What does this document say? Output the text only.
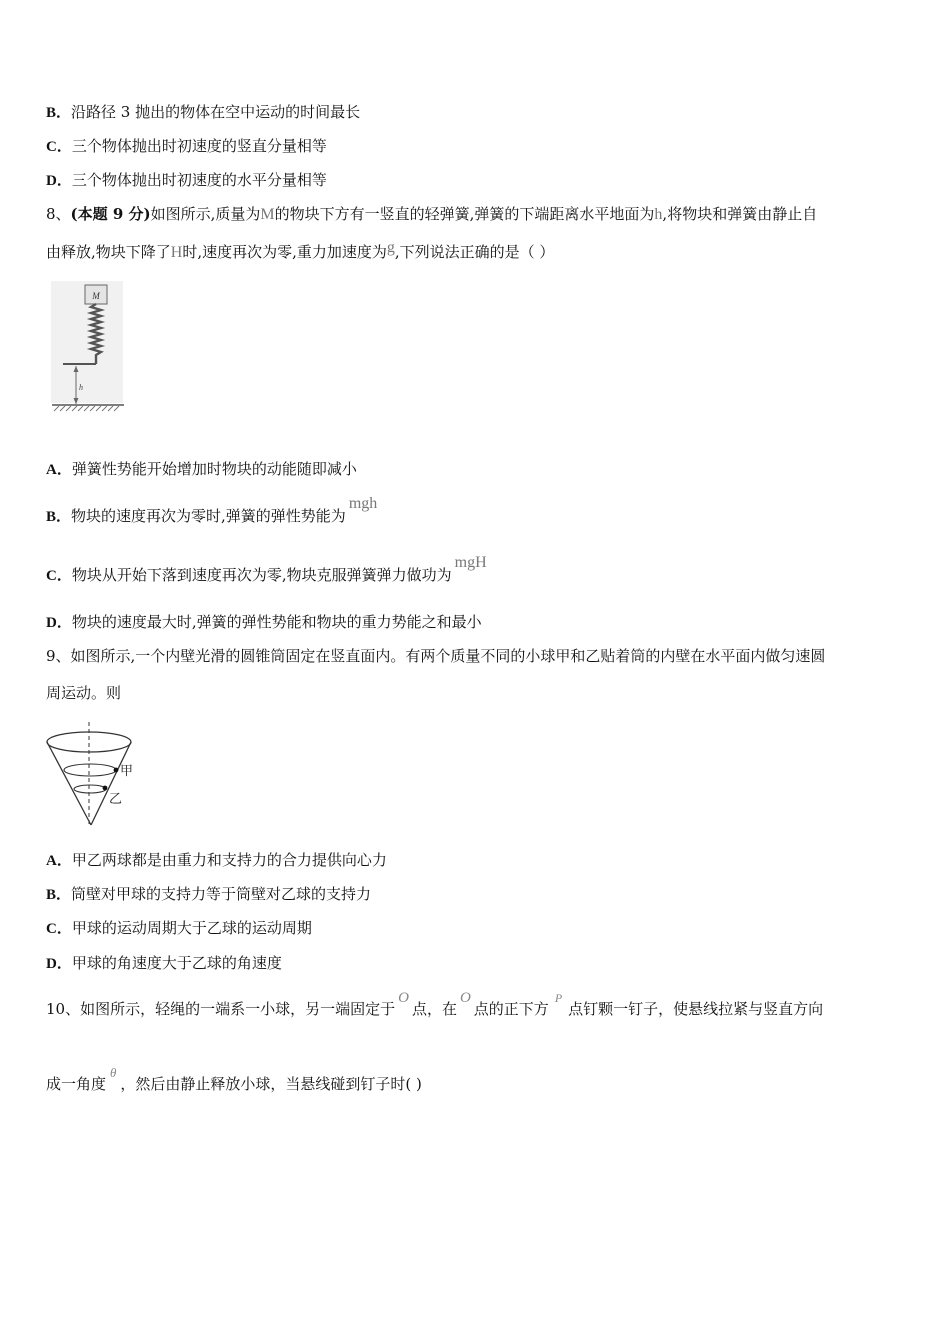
B．沿路径 3 抛出的物体在空中运动的时间最长
C．三个物体抛出时初速度的竖直分量相等
D．三个物体抛出时初速度的水平分量相等
8、(本题 9 分)如图所示,质量为M的物块下方有一竖直的轻弹簧,弹簧的下端距离水平地面为h,将物块和弹簧由静止自
由释放,物块下降了H时,速度再次为零,重力加速度为g,下列说法正确的是（ ）
M
h
A．弹簧性势能开始增加时物块的动能随即减小
B．物块的速度再次为零时,弹簧的弹性势能为mgh
C．物块从开始下落到速度再次为零,物块克服弹簧弹力做功为mgH
D．物块的速度最大时,弹簧的弹性势能和物块的重力势能之和最小
9、如图所示,一个内壁光滑的圆锥筒固定在竖直面内。有两个质量不同的小球甲和乙贴着筒的内壁在水平面内做匀速圆
周运动。则
甲
乙
A．甲乙两球都是由重力和支持力的合力提供向心力
B．筒壁对甲球的支持力等于筒壁对乙球的支持力
C．甲球的运动周期大于乙球的运动周期
D．甲球的角速度大于乙球的角速度
10、如图所示，轻绳的一端系一小球，另一端固定于O点，在O点的正下方$^P$点钉颗一钉子，使悬线拉紧与竖直方向
成一角度θ，然后由静止释放小球，当悬线碰到钉子时( )
